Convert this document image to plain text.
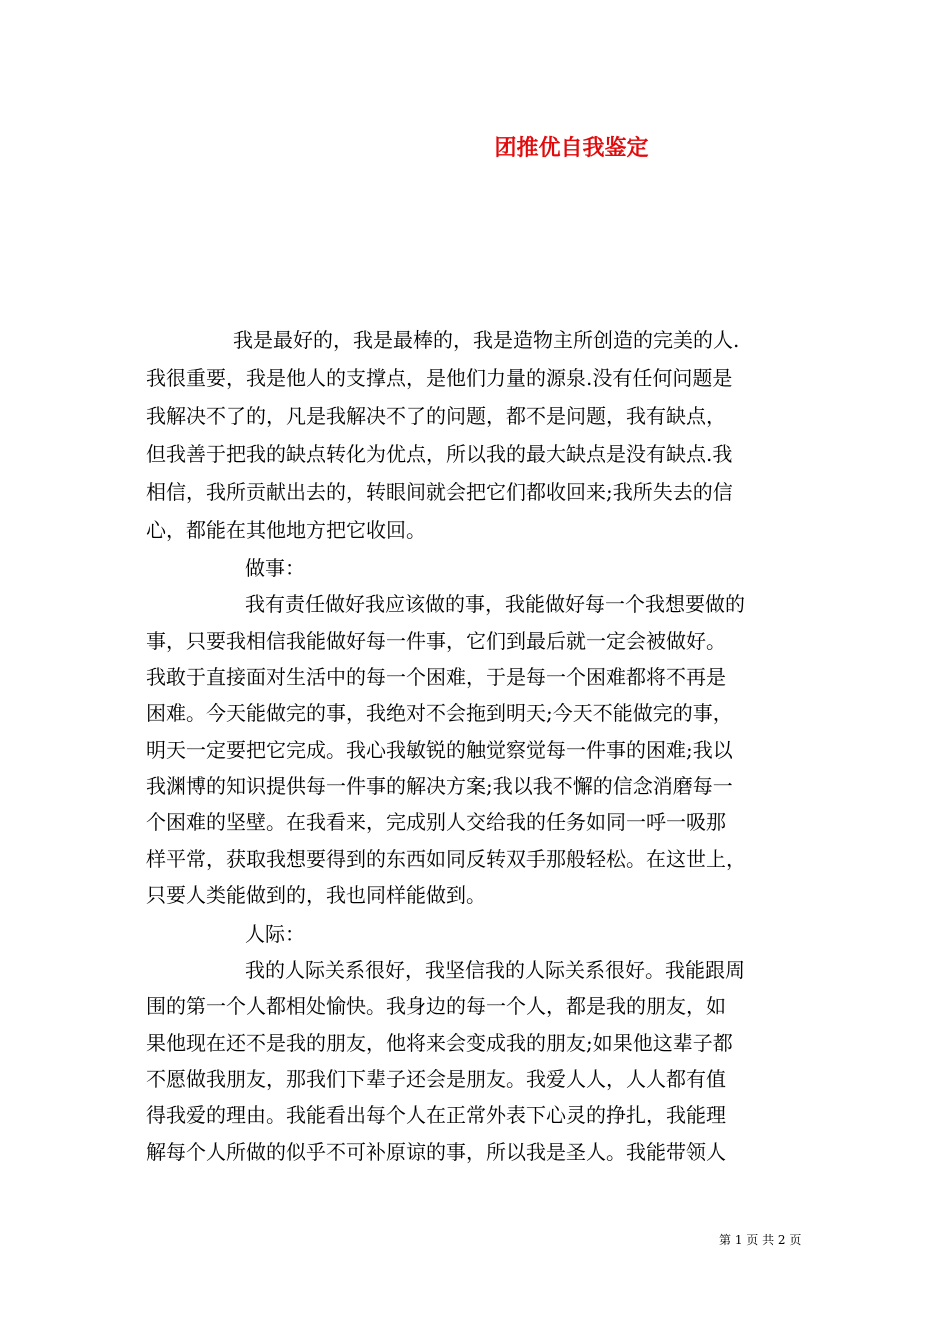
团推优自我鉴定
我是最好的，我是最棒的，我是造物主所创造的完美的人.
我很重要，我是他人的支撑点，是他们力量的源泉.没有任何问题是
我解决不了的，凡是我解决不了的问题，都不是问题，我有缺点，
但我善于把我的缺点转化为优点，所以我的最大缺点是没有缺点.我
相信，我所贡献出去的，转眼间就会把它们都收回来;我所失去的信
心，都能在其他地方把它收回。
做事：
我有责任做好我应该做的事，我能做好每一个我想要做的
事，只要我相信我能做好每一件事，它们到最后就一定会被做好。
我敢于直接面对生活中的每一个困难，于是每一个困难都将不再是
困难。今天能做完的事，我绝对不会拖到明天;今天不能做完的事，
明天一定要把它完成。我心我敏锐的触觉察觉每一件事的困难;我以
我渊博的知识提供每一件事的解决方案;我以我不懈的信念消磨每一
个困难的坚壁。在我看来，完成别人交给我的任务如同一呼一吸那
样平常，获取我想要得到的东西如同反转双手那般轻松。在这世上，
只要人类能做到的，我也同样能做到。
人际：
我的人际关系很好，我坚信我的人际关系很好。我能跟周
围的第一个人都相处愉快。我身边的每一个人，都是我的朋友，如
果他现在还不是我的朋友，他将来会变成我的朋友;如果他这辈子都
不愿做我朋友，那我们下辈子还会是朋友。我爱人人，人人都有值
得我爱的理由。我能看出每个人在正常外表下心灵的挣扎，我能理
解每个人所做的似乎不可补原谅的事，所以我是圣人。我能带领人
第 1 页 共 2 页
